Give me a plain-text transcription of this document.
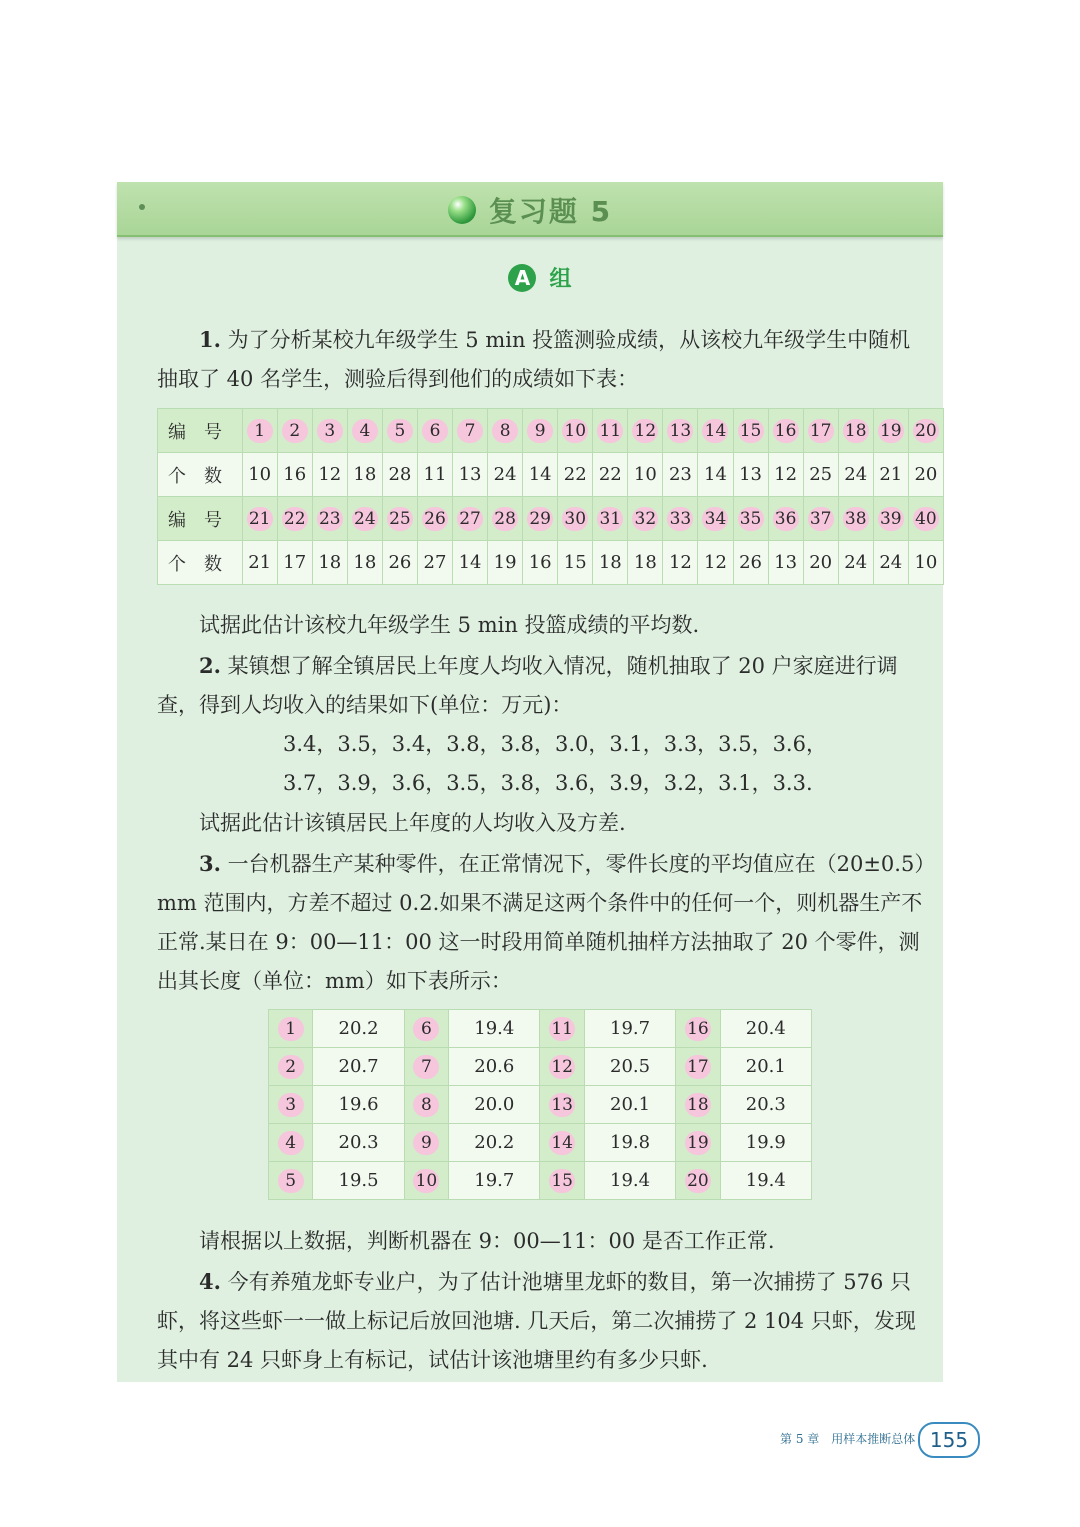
复习题 5
A 组

1. 为了分析某校九年级学生 5 min 投篮测验成绩，从该校九年级学生中随机抽取了 40 名学生，测验后得到他们的成绩如下表：

编号	1	2	3	4	5	6	7	8	9	10	11	12	13	14	15	16	17	18	19	20
个数	10	16	12	18	28	11	13	24	14	22	22	10	23	14	13	12	25	24	21	20
编号	21	22	23	24	25	26	27	28	29	30	31	32	33	34	35	36	37	38	39	40
个数	21	17	18	18	26	27	14	19	16	15	18	18	12	12	26	13	20	24	24	10

试据此估计该校九年级学生 5 min 投篮成绩的平均数.

2. 某镇想了解全镇居民上年度人均收入情况，随机抽取了 20 户家庭进行调查，得到人均收入的结果如下(单位：万元)：

3.4，3.5，3.4，3.8，3.8，3.0，3.1，3.3，3.5，3.6，

3.7，3.9，3.6，3.5，3.8，3.6，3.9，3.2，3.1，3.3.

试据此估计该镇居民上年度的人均收入及方差.

3. 一台机器生产某种零件，在正常情况下，零件长度的平均值应在（20±0.5）mm 范围内，方差不超过 0.2.如果不满足这两个条件中的任何一个，则机器生产不正常.某日在 9：00—11：00 这一时段用简单随机抽样方法抽取了 20 个零件，测出其长度（单位：mm）如下表所示：

1	20.2	6	19.4	11	19.7	16	20.4
2	20.7	7	20.6	12	20.5	17	20.1
3	19.6	8	20.0	13	20.1	18	20.3
4	20.3	9	20.2	14	19.8	19	19.9
5	19.5	10	19.7	15	19.4	20	19.4

请根据以上数据，判断机器在 9：00—11：00 是否工作正常.

4. 今有养殖龙虾专业户，为了估计池塘里龙虾的数目，第一次捕捞了 576 只虾，将这些虾一一做上标记后放回池塘. 几天后，第二次捕捞了 2 104 只虾，发现其中有 24 只虾身上有标记，试估计该池塘里约有多少只虾.

第 5 章　用样本推断总体 155
